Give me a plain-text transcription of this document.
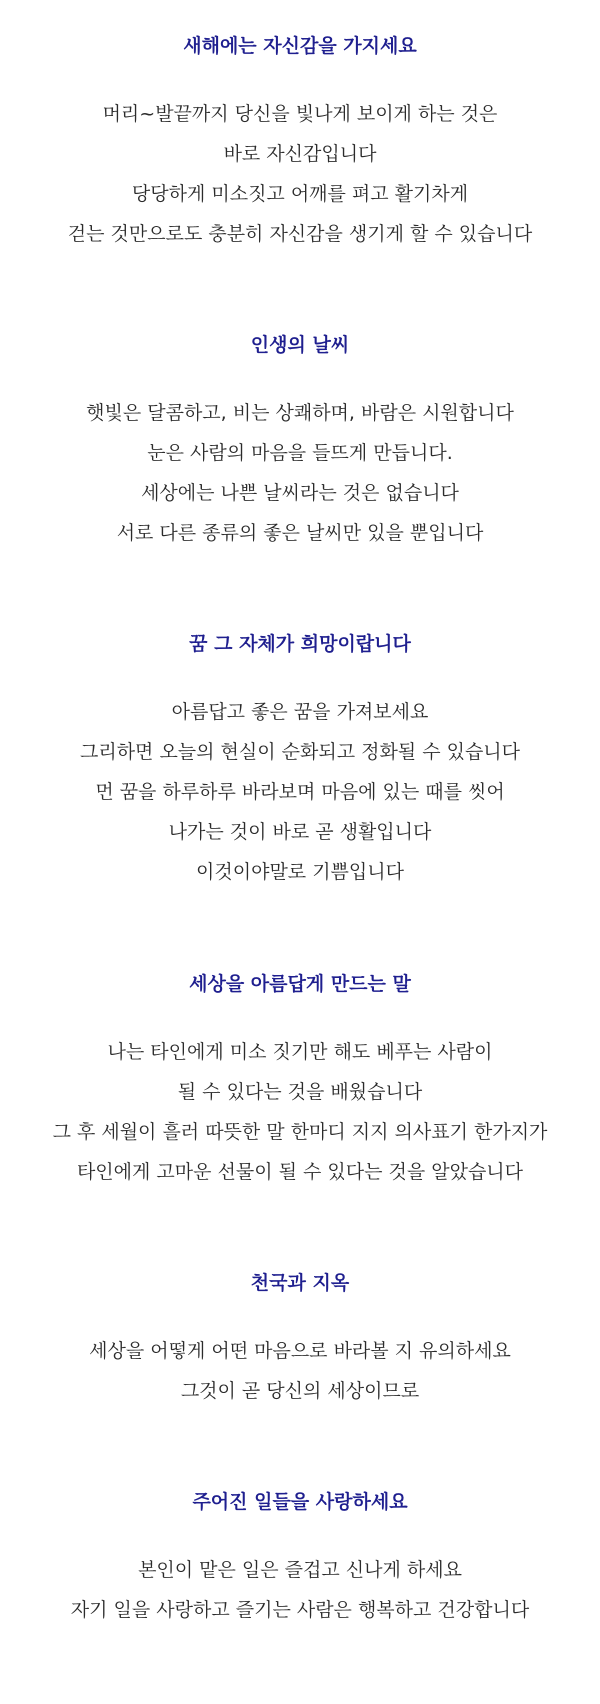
새해에는 자신감을 가지세요
머리~발끝까지 당신을 빛나게 보이게 하는 것은
바로 자신감입니다
당당하게 미소짓고 어깨를 펴고 활기차게
걷는 것만으로도 충분히 자신감을 생기게 할 수 있습니다
인생의 날씨
햇빛은 달콤하고, 비는 상쾌하며, 바람은 시원합니다
눈은 사람의 마음을 들뜨게 만듭니다.
세상에는 나쁜 날씨라는 것은 없습니다
서로 다른 종류의 좋은 날씨만 있을 뿐입니다
꿈 그 자체가 희망이랍니다
아름답고 좋은 꿈을 가져보세요
그리하면 오늘의 현실이 순화되고 정화될 수 있습니다
먼 꿈을 하루하루 바라보며 마음에 있는 때를 씻어
나가는 것이 바로 곧 생활입니다
이것이야말로 기쁨입니다
세상을 아름답게 만드는 말
나는 타인에게 미소 짓기만 해도 베푸는 사람이
될 수 있다는 것을 배웠습니다
그 후 세월이 흘러 따뜻한 말 한마디 지지 의사표기 한가지가
타인에게 고마운 선물이 될 수 있다는 것을 알았습니다
천국과 지옥
세상을 어떻게 어떤 마음으로 바라볼 지 유의하세요
그것이 곧 당신의 세상이므로
주어진 일들을 사랑하세요
본인이 맡은 일은 즐겁고 신나게 하세요
자기 일을 사랑하고 즐기는 사람은 행복하고 건강합니다
